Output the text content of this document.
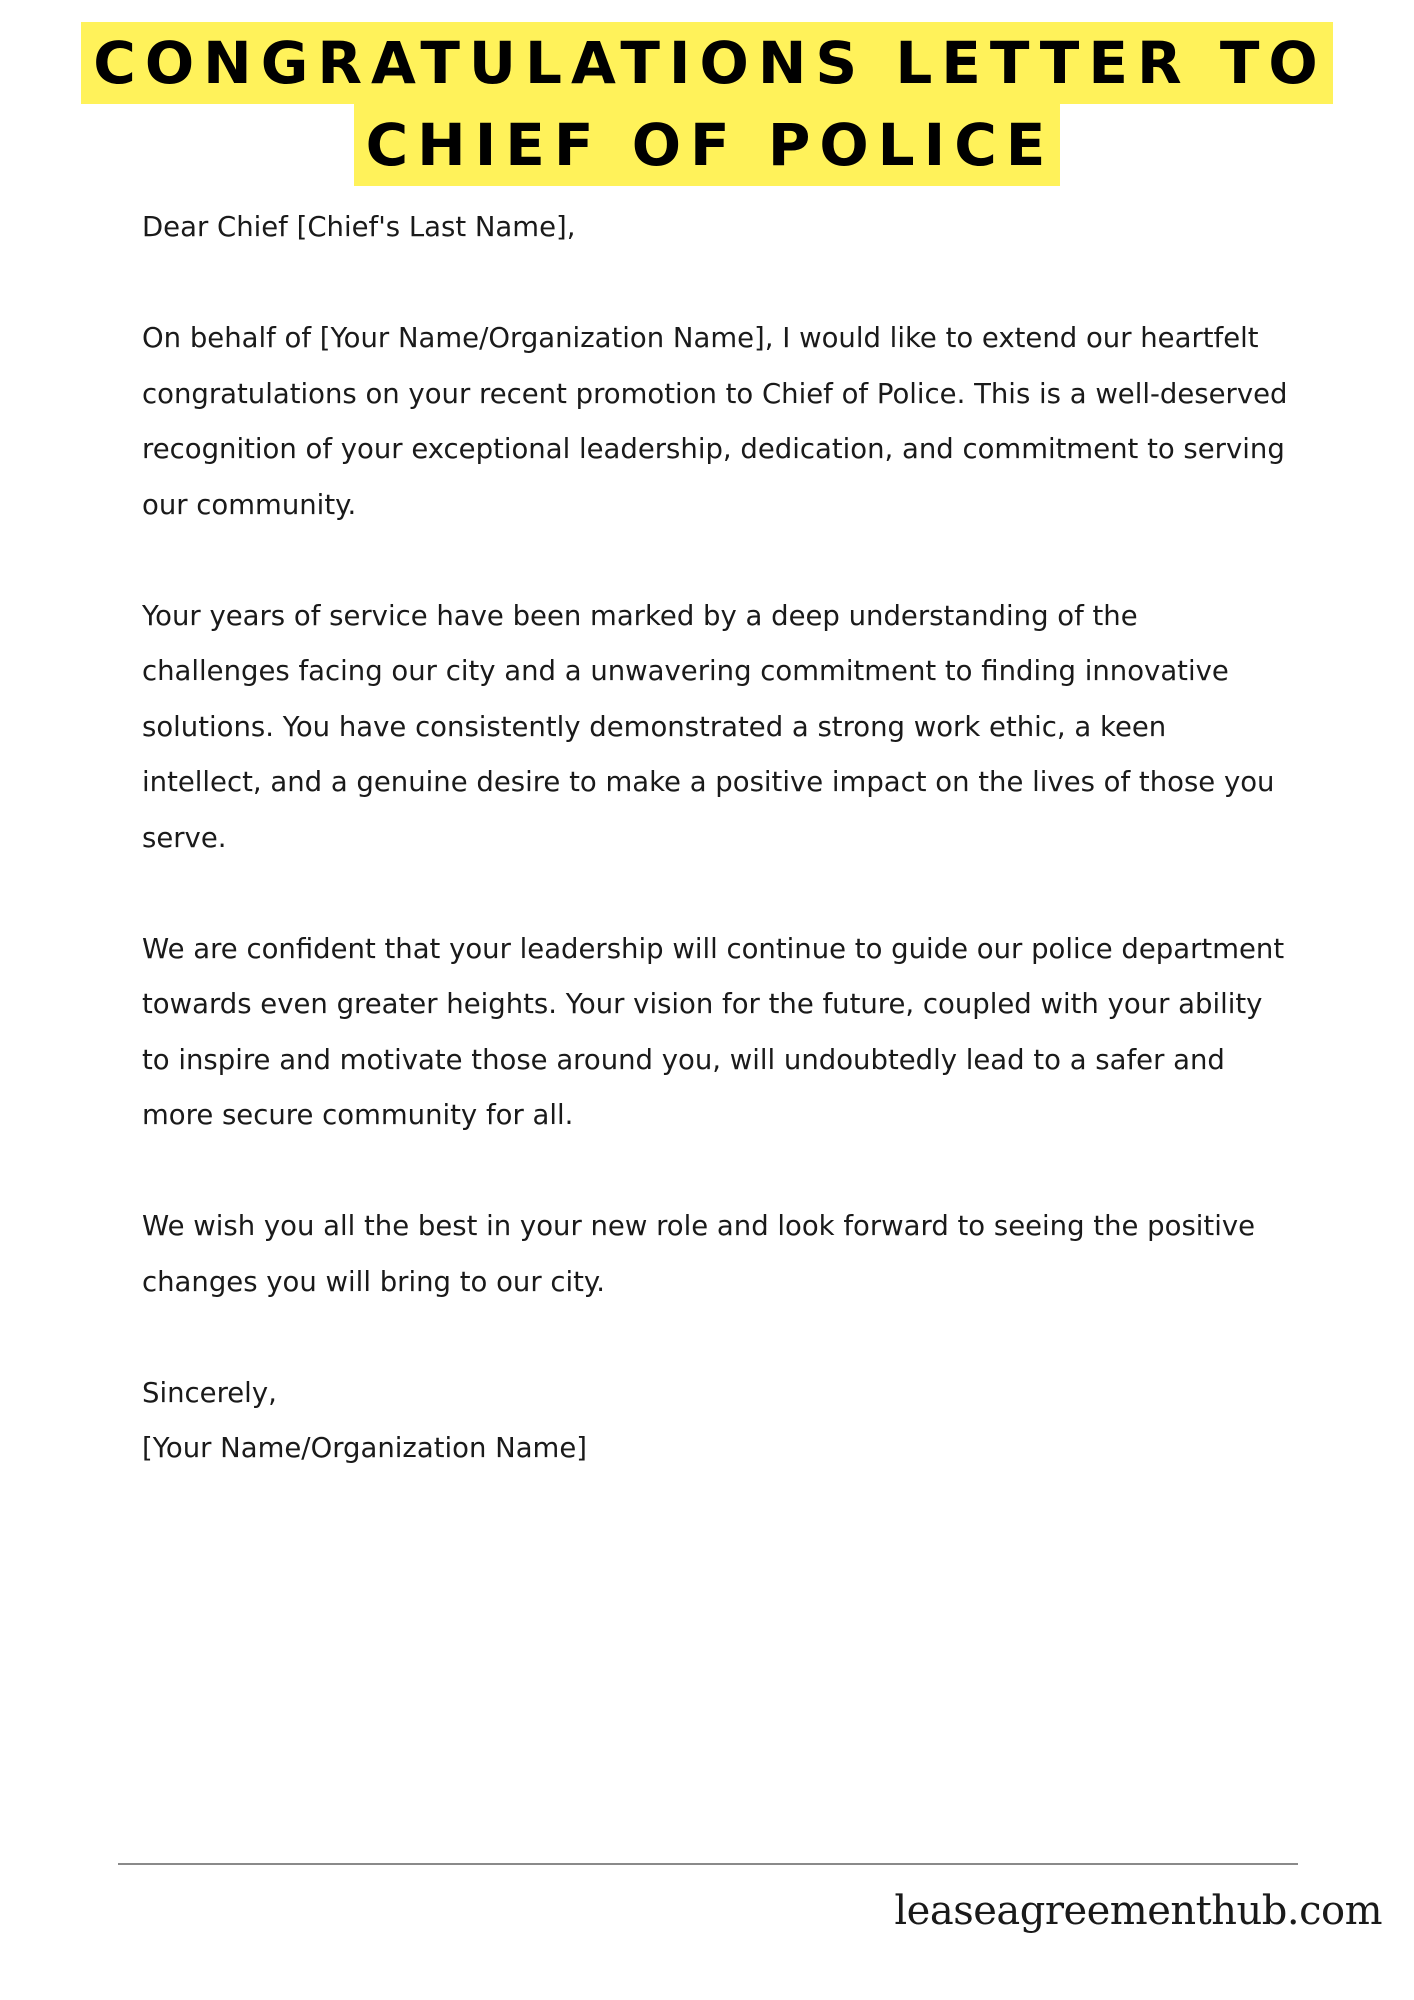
CONGRATULATIONS LETTER TO
CHIEF OF POLICE

Dear Chief [Chief's Last Name],

On behalf of [Your Name/Organization Name], I would like to extend our heartfelt congratulations on your recent promotion to Chief of Police. This is a well-deserved recognition of your exceptional leadership, dedication, and commitment to serving our community.

Your years of service have been marked by a deep understanding of the challenges facing our city and a unwavering commitment to finding innovative solutions. You have consistently demonstrated a strong work ethic, a keen intellect, and a genuine desire to make a positive impact on the lives of those you serve.

We are confident that your leadership will continue to guide our police department towards even greater heights. Your vision for the future, coupled with your ability to inspire and motivate those around you, will undoubtedly lead to a safer and more secure community for all.

We wish you all the best in your new role and look forward to seeing the positive changes you will bring to our city.

Sincerely,

[Your Name/Organization Name]

leaseagreementhub.com
